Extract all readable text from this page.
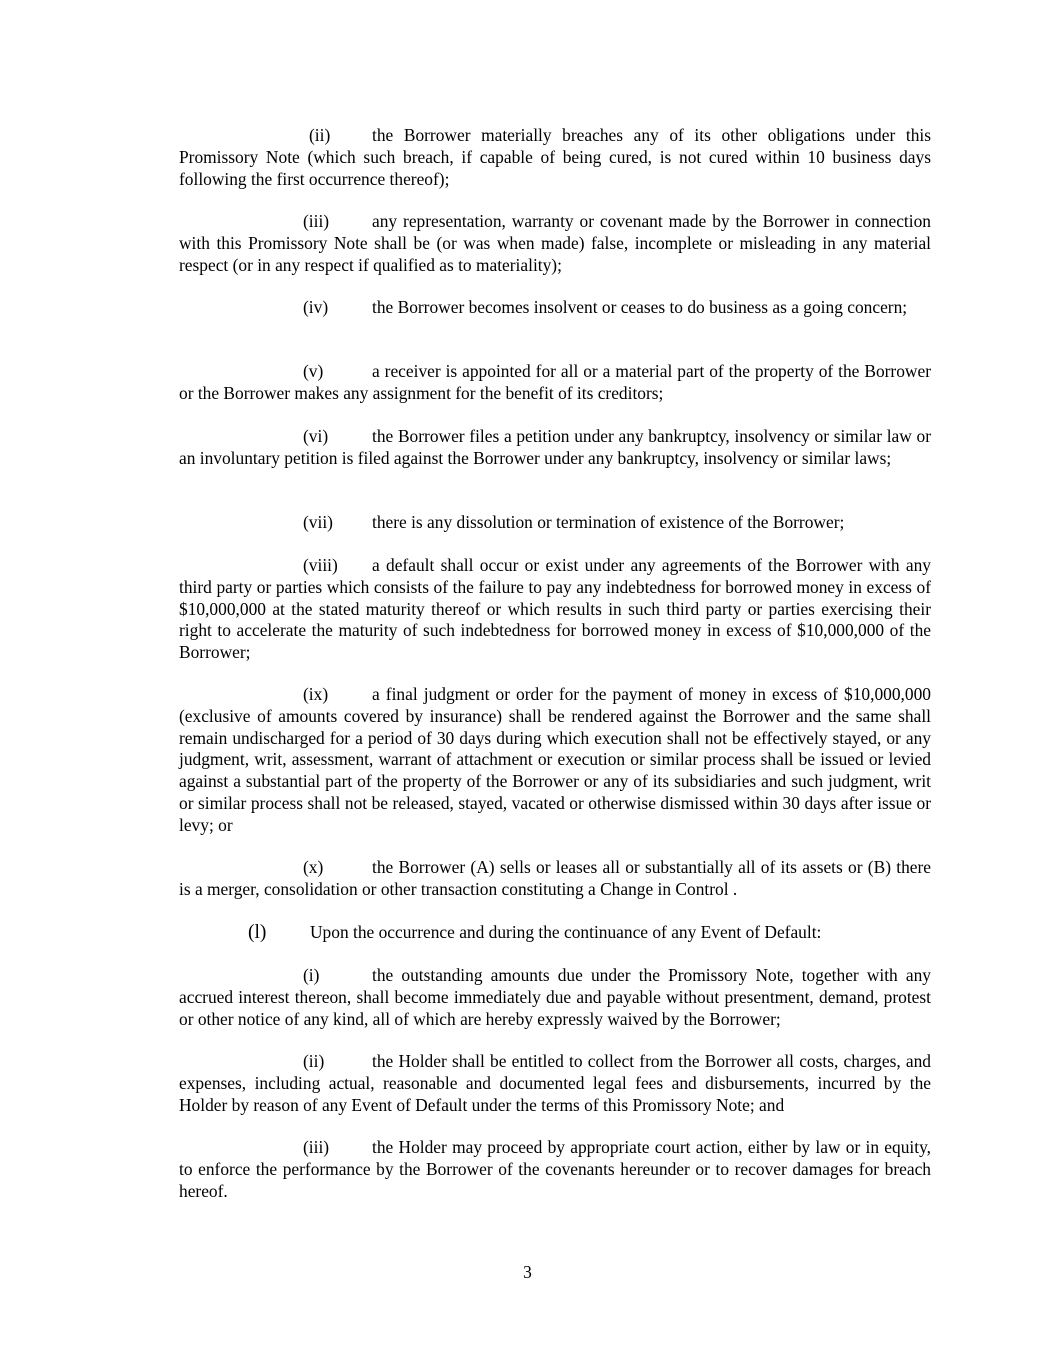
(ii) the Borrower materially breaches any of its other obligations under this Promissory Note (which such breach, if capable of being cured, is not cured within 10 business days following the first occurrence thereof);
(iii) any representation, warranty or covenant made by the Borrower in connection with this Promissory Note shall be (or was when made) false, incomplete or misleading in any material respect (or in any respect if qualified as to materiality);
(iv)	the Borrower becomes insolvent or ceases to do business as a going concern;
(v)	a receiver is appointed for all or a material part of the property of the Borrower or the Borrower makes any assignment for the benefit of its creditors;
(vi)	the Borrower files a petition under any bankruptcy, insolvency or similar law or an involuntary petition is filed against the Borrower under any bankruptcy, insolvency or similar laws;
(vii) there is any dissolution or termination of existence of the Borrower;
(viii) a default shall occur or exist under any agreements of the Borrower with any third party or parties which consists of the failure to pay any indebtedness for borrowed money in excess of $10,000,000 at the stated maturity thereof or which results in such third party or parties exercising their right to accelerate the maturity of such indebtedness for borrowed money in excess of $10,000,000 of the Borrower;
(ix)	a final judgment or order for the payment of money in excess of $10,000,000 (exclusive of amounts covered by insurance) shall be rendered against the Borrower and the same shall remain undischarged for a period of 30 days during which execution shall not be effectively stayed, or any judgment, writ, assessment, warrant of attachment or execution or similar process shall be issued or levied against a substantial part of the property of the Borrower or any of its subsidiaries and such judgment, writ or similar process shall not be released, stayed, vacated or otherwise dismissed within 30 days after issue or levy; or
(x)	the Borrower (A) sells or leases all or substantially all of its assets or (B) there is a merger, consolidation or other transaction constituting a Change in Control .
(l)	Upon the occurrence and during the continuance of any Event of Default:
(i)	the outstanding amounts due under the Promissory Note, together with any accrued interest thereon, shall become immediately due and payable without presentment, demand, protest or other notice of any kind, all of which are hereby expressly waived by the Borrower;
(ii)	the Holder shall be entitled to collect from the Borrower all costs, charges, and expenses, including actual, reasonable and documented legal fees and disbursements, incurred by the Holder by reason of any Event of Default under the terms of this Promissory Note; and
(iii) the Holder may proceed by appropriate court action, either by law or in equity, to enforce the performance by the Borrower of the covenants hereunder or to recover damages for breach hereof.
3
